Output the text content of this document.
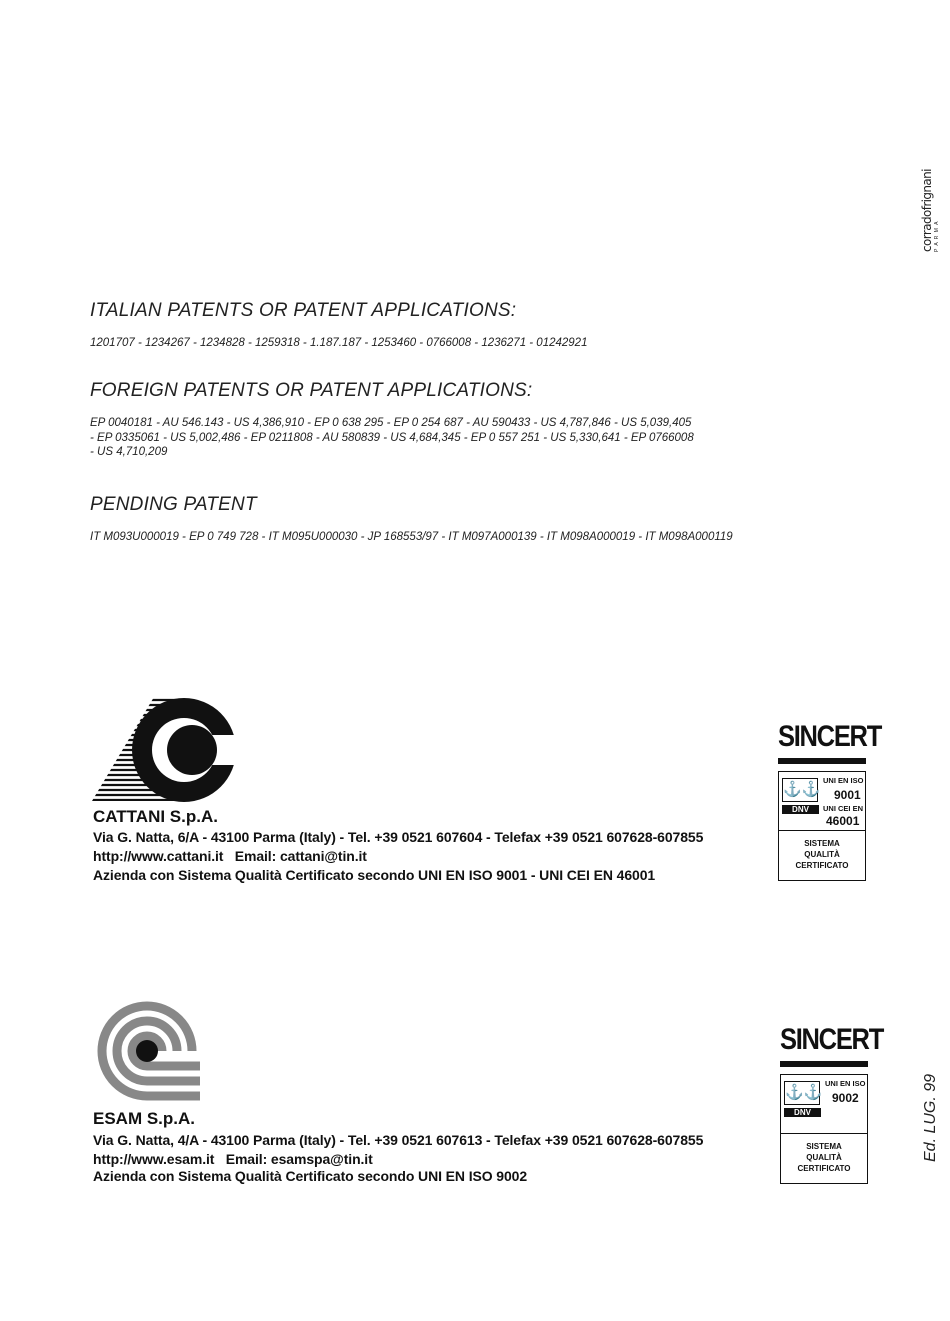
corradofrignani P A R M A
ITALIAN PATENTS OR PATENT APPLICATIONS:

1201707 - 1234267 - 1234828 - 1259318 - 1.187.187 - 1253460 - 0766008 - 1236271 - 01242921

FOREIGN PATENTS OR PATENT APPLICATIONS:

EP 0040181 - AU 546.143 - US 4,386,910 - EP 0 638 295 - EP 0 254 687 - AU 590433 - US 4,787,846 - US 5,039,405

- EP 0335061 - US 5,002,486 - EP 0211808 - AU 580839 - US 4,684,345 - EP 0 557 251 - US 5,330,641 - EP 0766008

- US 4,710,209

PENDING PATENT

IT M093U000019 - EP 0 749 728 - IT M095U000030 - JP 168553/97 - IT M097A000139 - IT M098A000019 - IT M098A000119

CATTANI S.p.A.
Via G. Natta, 6/A - 43100 Parma (Italy) - Tel. +39 0521 607604 - Telefax +39 0521 607628-607855
http://www.cattani.it   Email: cattani@tin.it
Azienda con Sistema Qualità Certificato secondo UNI EN ISO 9001 - UNI CEI EN 46001
SINCERT
⚓⚓
DNV
UNI EN ISO
9001
UNI CEI EN
46001
SISTEMA
QUALITÀ
CERTIFICATO
ESAM S.p.A.
Via G. Natta, 4/A - 43100 Parma (Italy) - Tel. +39 0521 607613 - Telefax +39 0521 607628-607855
http://www.esam.it   Email: esamspa@tin.it
Azienda con Sistema Qualità Certificato secondo UNI EN ISO 9002
SINCERT
⚓⚓
DNV
UNI EN ISO
9002
SISTEMA
QUALITÀ
CERTIFICATO
Ed. LUG. 99
